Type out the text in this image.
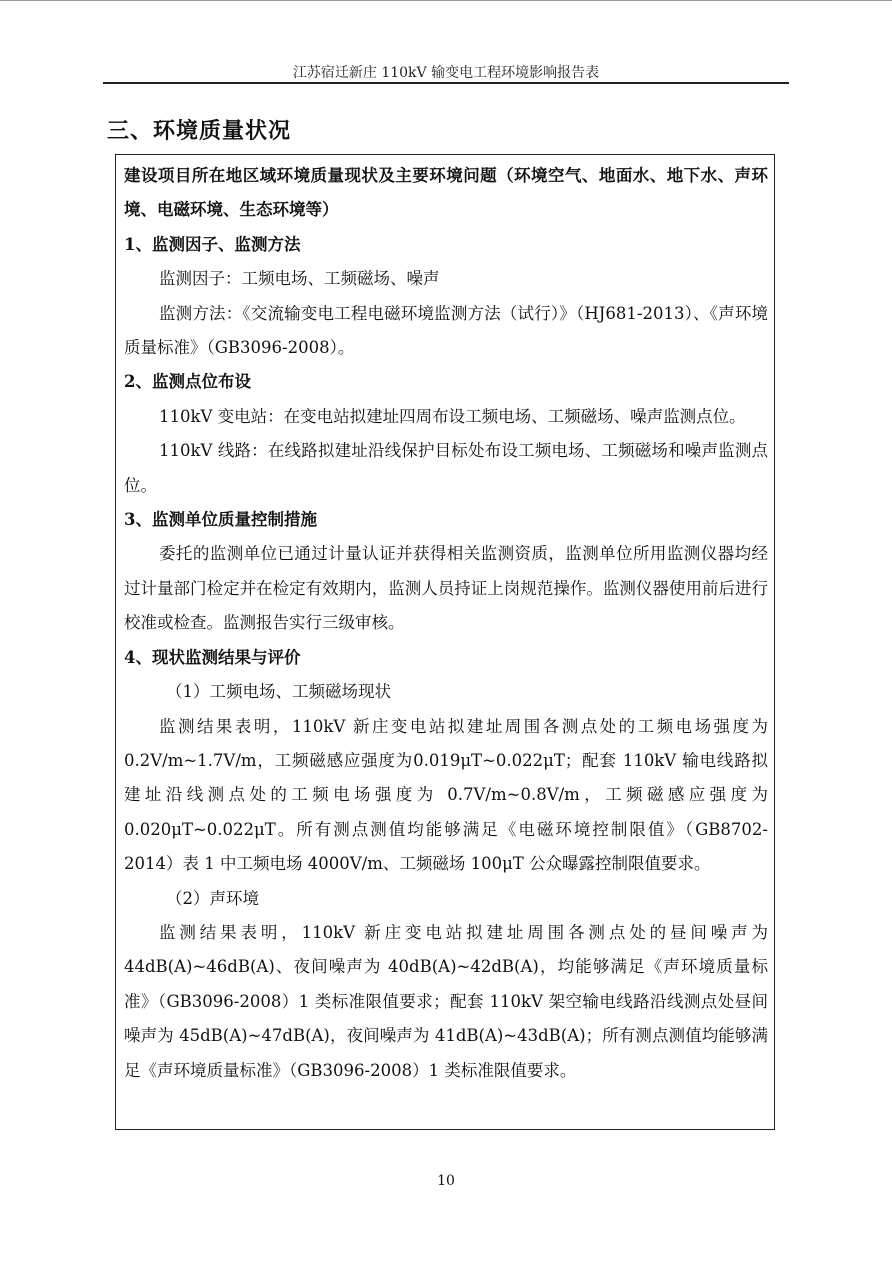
江苏宿迁新庄 110kV 输变电工程环境影响报告表
三、环境质量状况

建设项目所在地区域环境质量现状及主要环境问题（环境空气、地面水、地下水、声环境、电磁环境、生态环境等）

1、监测因子、监测方法

监测因子：工频电场、工频磁场、噪声

监测方法：《交流输变电工程电磁环境监测方法（试行）》（HJ681-2013）、《声环境质量标准》（GB3096-2008）。

2、监测点位布设

110kV 变电站：在变电站拟建址四周布设工频电场、工频磁场、噪声监测点位。

110kV 线路：在线路拟建址沿线保护目标处布设工频电场、工频磁场和噪声监测点位。

3、监测单位质量控制措施

委托的监测单位已通过计量认证并获得相关监测资质，监测单位所用监测仪器均经过计量部门检定并在检定有效期内，监测人员持证上岗规范操作。监测仪器使用前后进行校准或检查。监测报告实行三级审核。

4、现状监测结果与评价

（1）工频电场、工频磁场现状

监测结果表明，110kV 新庄变电站拟建址周围各测点处的工频电场强度为0.2V/m~1.7V/m，工频磁感应强度为0.019μT~0.022μT；配套 110kV 输电线路拟建址沿线测点处的工频电场强度为 0.7V/m~0.8V/m，工频磁感应强度为0.020μT~0.022μT。所有测点测值均能够满足《电磁环境控制限值》（GB8702-2014）表 1 中工频电场 4000V/m、工频磁场 100μT 公众曝露控制限值要求。

（2）声环境

监测结果表明，110kV 新庄变电站拟建址周围各测点处的昼间噪声为44dB(A)~46dB(A)、夜间噪声为 40dB(A)~42dB(A)，均能够满足《声环境质量标准》（GB3096-2008）1 类标准限值要求；配套 110kV 架空输电线路沿线测点处昼间噪声为 45dB(A)~47dB(A)，夜间噪声为 41dB(A)~43dB(A)；所有测点测值均能够满足《声环境质量标准》（GB3096-2008）1 类标准限值要求。

10
